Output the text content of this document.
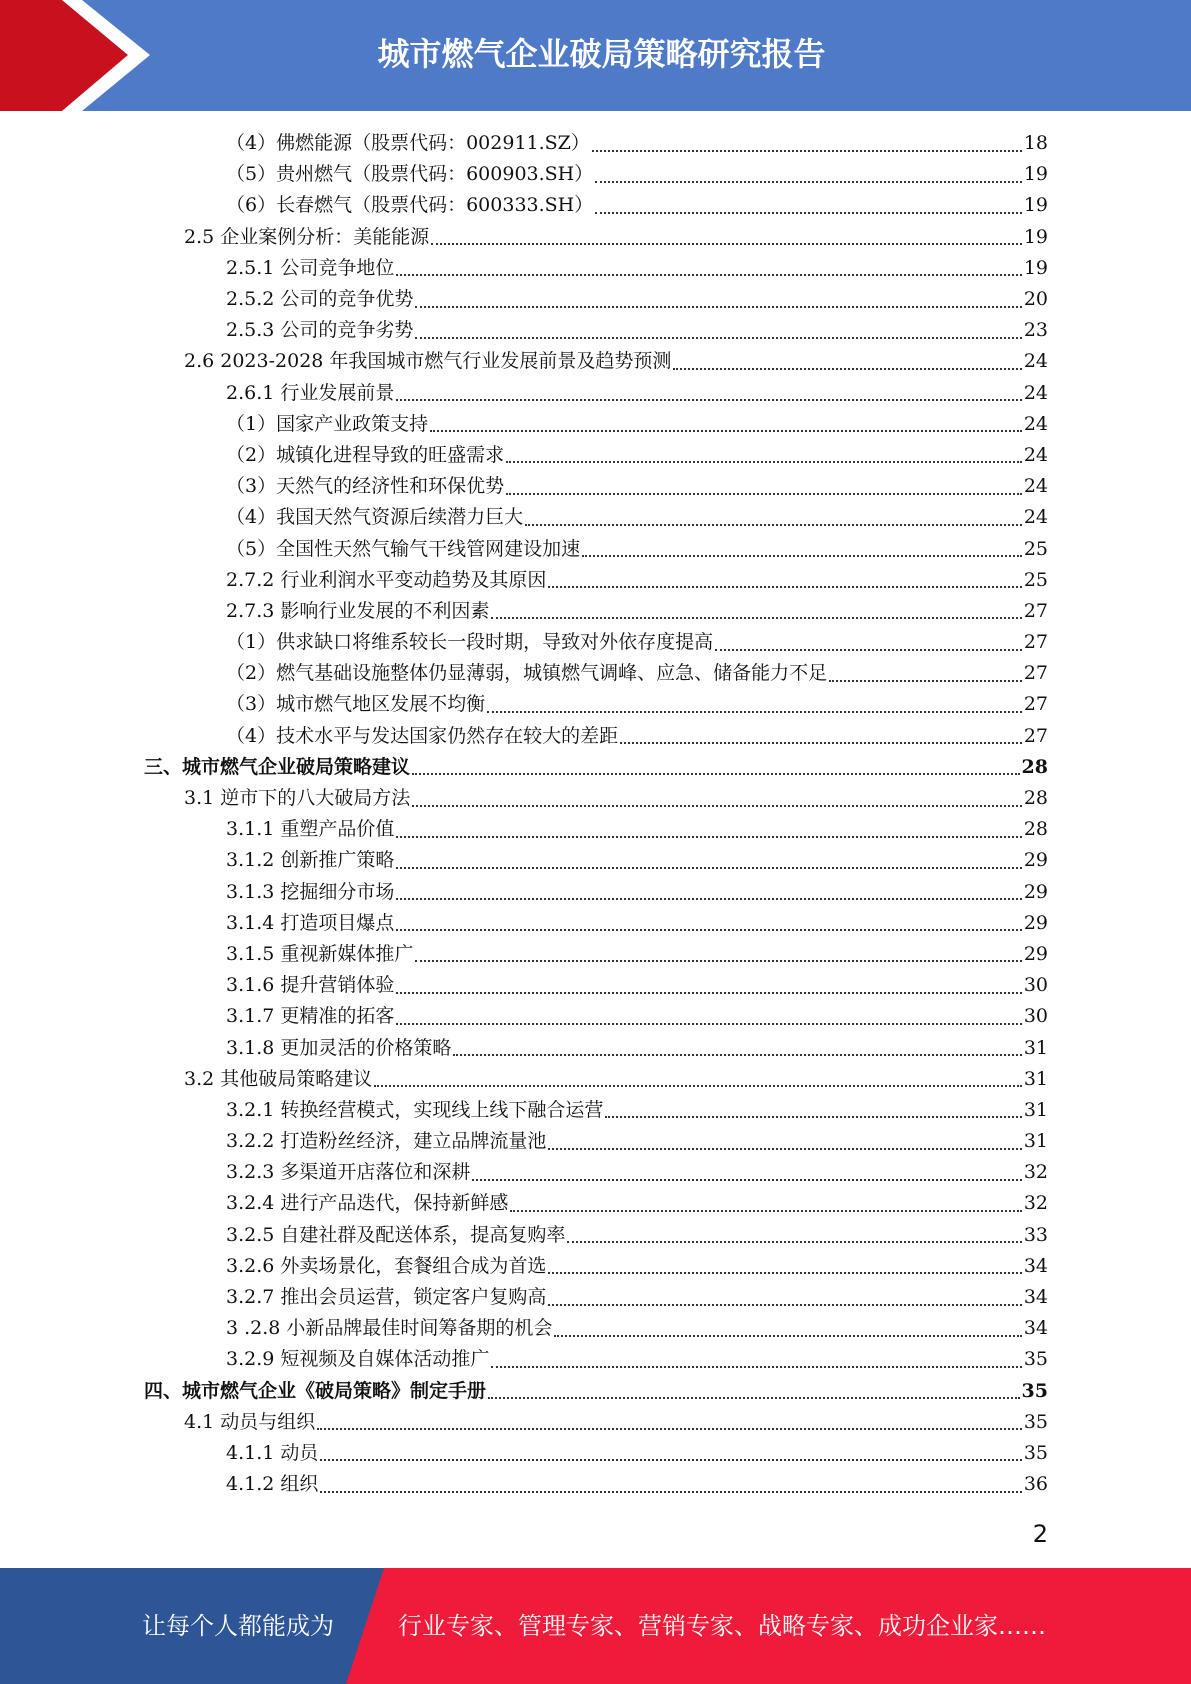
城市燃气企业破局策略研究报告
（4）佛燃能源（股票代码：002911.SZ）	18
（5）贵州燃气（股票代码：600903.SH）	19
（6）长春燃气（股票代码：600333.SH）	19
2.5 企业案例分析：美能能源	19
2.5.1 公司竞争地位	19
2.5.2 公司的竞争优势	20
2.5.3 公司的竞争劣势	23
2.6 2023-2028 年我国城市燃气行业发展前景及趋势预测	24
2.6.1 行业发展前景	24
（1）国家产业政策支持	24
（2）城镇化进程导致的旺盛需求	24
（3）天然气的经济性和环保优势	24
（4）我国天然气资源后续潜力巨大	24
（5）全国性天然气输气干线管网建设加速	25
2.7.2 行业利润水平变动趋势及其原因	25
2.7.3 影响行业发展的不利因素	27
（1）供求缺口将维系较长一段时期，导致对外依存度提高	27
（2）燃气基础设施整体仍显薄弱，城镇燃气调峰、应急、储备能力不足	27
（3）城市燃气地区发展不均衡	27
（4）技术水平与发达国家仍然存在较大的差距	27
三、城市燃气企业破局策略建议	28
3.1 逆市下的八大破局方法	28
3.1.1 重塑产品价值	28
3.1.2 创新推广策略	29
3.1.3 挖掘细分市场	29
3.1.4 打造项目爆点	29
3.1.5 重视新媒体推广	29
3.1.6 提升营销体验	30
3.1.7 更精准的拓客	30
3.1.8 更加灵活的价格策略	31
3.2 其他破局策略建议	31
3.2.1 转换经营模式，实现线上线下融合运营	31
3.2.2 打造粉丝经济，建立品牌流量池	31
3.2.3 多渠道开店落位和深耕	32
3.2.4 进行产品迭代，保持新鲜感	32
3.2.5 自建社群及配送体系，提高复购率	33
3.2.6 外卖场景化，套餐组合成为首选	34
3.2.7 推出会员运营，锁定客户复购高	34
3 .2.8 小新品牌最佳时间筹备期的机会	34
3.2.9 短视频及自媒体活动推广	35
四、城市燃气企业《破局策略》制定手册	35
4.1 动员与组织	35
4.1.1 动员	35
4.1.2 组织	36
2
让每个人都能成为	行业专家、管理专家、营销专家、战略专家、成功企业家……
